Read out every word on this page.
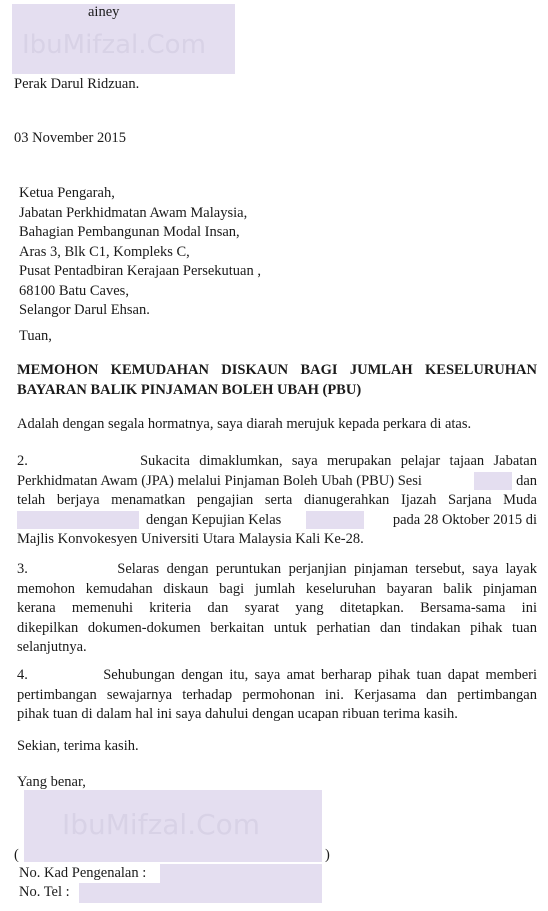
IbuMifzal.Com
ainey
Perak Darul Ridzuan.
03 November 2015
Ketua Pengarah,
Jabatan Perkhidmatan Awam Malaysia,
Bahagian Pembangunan Modal Insan,
Aras 3, Blk C1, Kompleks C,
Pusat Pentadbiran Kerajaan Persekutuan ,
68100 Batu Caves,
Selangor Darul Ehsan.
Tuan,
MEMOHON KEMUDAHAN DISKAUN BAGI JUMLAH KESELURUHAN
BAYARAN BALIK PINJAMAN BOLEH UBAH (PBU)
Adalah dengan segala hormatnya, saya diarah merujuk kepada perkara di atas.
2.            Sukacita dimaklumkan, saya merupakan pelajar tajaan Jabatan
Perkhidmatan Awam (JPA) melalui Pinjaman Boleh Ubah (PBU) Sesi	dan
telah berjaya menamatkan pengajian serta dianugerahkan Ijazah Sarjana Muda
dengan Kepujian Kelas	pada 28 Oktober 2015 di

Majlis Konvokesyen Universiti Utara Malaysia Kali Ke-28.
3.            Selaras dengan peruntukan perjanjian pinjaman tersebut, saya layak
memohon kemudahan diskaun bagi jumlah keseluruhan bayaran balik pinjaman
kerana memenuhi kriteria dan syarat yang ditetapkan. Bersama-sama ini
dikepilkan dokumen-dokumen berkaitan untuk perhatian dan tindakan pihak tuan
selanjutnya.
4.            Sehubungan dengan itu, saya amat berharap pihak tuan dapat memberi
pertimbangan sewajarnya terhadap permohonan ini. Kerjasama dan pertimbangan
pihak tuan di dalam hal ini saya dahului dengan ucapan ribuan terima kasih.
Sekian, terima kasih.
Yang benar,
IbuMifzal.Com
(	)
No. Kad Pengenalan :
No. Tel :
